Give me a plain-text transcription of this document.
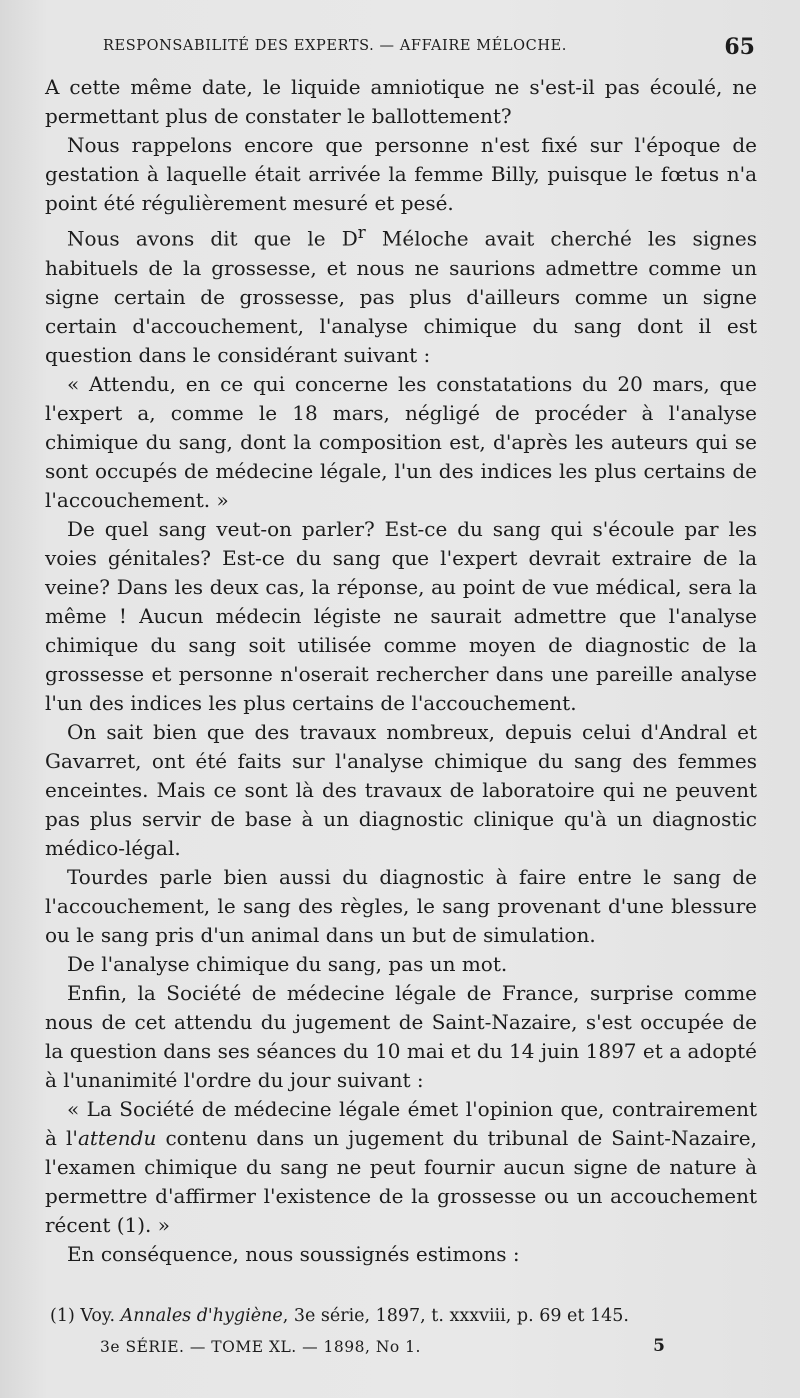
RESPONSABILITÉ DES EXPERTS. — AFFAIRE MÉLOCHE.	65

A cette même date, le liquide amniotique ne s'est-il pas écoulé, ne permettant plus de constater le ballottement?

Nous rappelons encore que personne n'est fixé sur l'époque de gestation à laquelle était arrivée la femme Billy, puisque le fœtus n'a point été régulièrement mesuré et pesé.

Nous avons dit que le $D^r$ Méloche avait cherché les signes habituels de la grossesse, et nous ne saurions admettre comme un signe certain de grossesse, pas plus d'ailleurs comme un signe certain d'accouchement, l'analyse chimique du sang dont il est question dans le considérant suivant :

« Attendu, en ce qui concerne les constatations du 20 mars, que l'expert a, comme le 18 mars, négligé de procéder à l'analyse chimique du sang, dont la composition est, d'après les auteurs qui se sont occupés de médecine légale, l'un des indices les plus certains de l'accouchement. »

De quel sang veut-on parler? Est-ce du sang qui s'écoule par les voies génitales? Est-ce du sang que l'expert devrait extraire de la veine? Dans les deux cas, la réponse, au point de vue médical, sera la même ! Aucun médecin légiste ne saurait admettre que l'analyse chimique du sang soit utilisée comme moyen de diagnostic de la grossesse et personne n'oserait rechercher dans une pareille analyse l'un des indices les plus certains de l'accouchement.

On sait bien que des travaux nombreux, depuis celui d'Andral et Gavarret, ont été faits sur l'analyse chimique du sang des femmes enceintes. Mais ce sont là des travaux de laboratoire qui ne peuvent pas plus servir de base à un diagnostic clinique qu'à un diagnostic médico-légal.

Tourdes parle bien aussi du diagnostic à faire entre le sang de l'accouchement, le sang des règles, le sang provenant d'une blessure ou le sang pris d'un animal dans un but de simulation.

De l'analyse chimique du sang, pas un mot.

Enfin, la Société de médecine légale de France, surprise comme nous de cet attendu du jugement de Saint-Nazaire, s'est occupée de la question dans ses séances du 10 mai et du 14 juin 1897 et a adopté à l'unanimité l'ordre du jour suivant :

« La Société de médecine légale émet l'opinion que, contrairement à l'attendu contenu dans un jugement du tribunal de Saint-Nazaire, l'examen chimique du sang ne peut fournir aucun signe de nature à permettre d'affirmer l'existence de la grossesse ou un accouchement récent (1). »

En conséquence, nous soussignés estimons :

(1) Voy. Annales d'hygiène, 3e série, 1897, t. xxxviii, p. 69 et 145.
3e SÉRIE. — TOME XL. — 1898, No 1.	5
